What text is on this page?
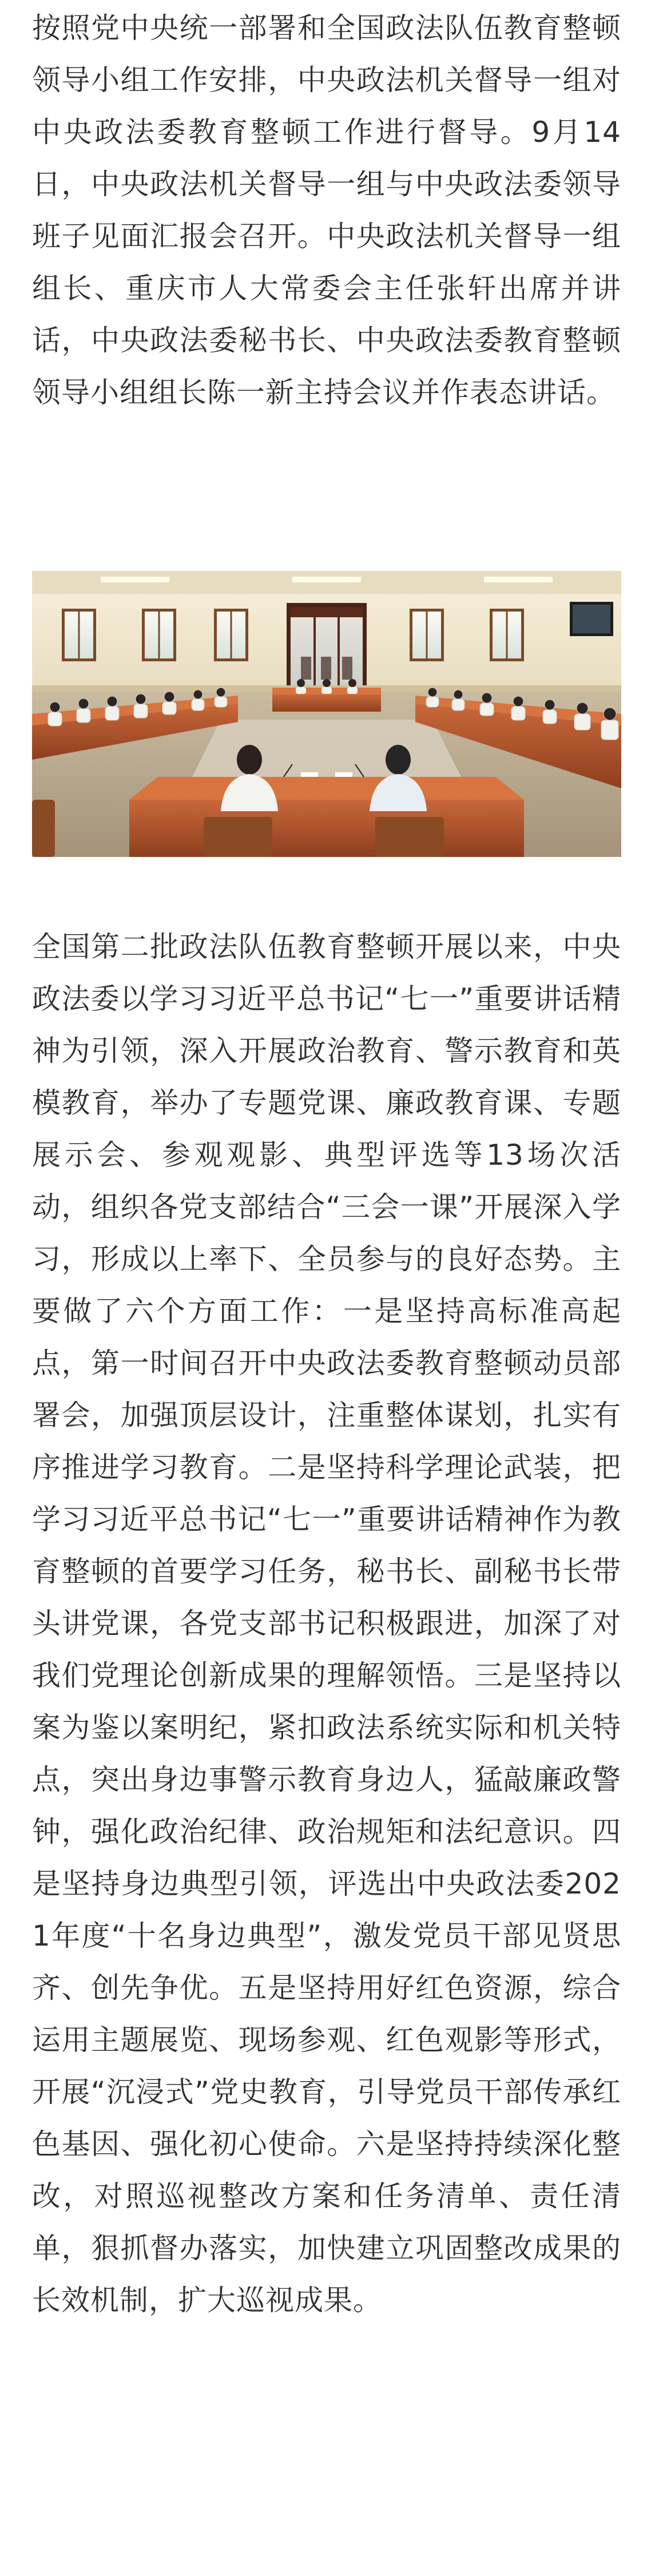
按照党中央统一部署和全国政法队伍教育整顿领导小组工作安排，中央政法机关督导一组对中央政法委教育整顿工作进行督导。9月14日，中央政法机关督导一组与中央政法委领导班子见面汇报会召开。中央政法机关督导一组组长、重庆市人大常委会主任张轩出席并讲话，中央政法委秘书长、中央政法委教育整顿领导小组组长陈一新主持会议并作表态讲话。

全国第二批政法队伍教育整顿开展以来，中央政法委以学习习近平总书记“七一”重要讲话精神为引领，深入开展政治教育、警示教育和英模教育，举办了专题党课、廉政教育课、专题展示会、参观观影、典型评选等13场次活动，组织各党支部结合“三会一课”开展深入学习，形成以上率下、全员参与的良好态势。主要做了六个方面工作：一是坚持高标准高起点，第一时间召开中央政法委教育整顿动员部署会，加强顶层设计，注重整体谋划，扎实有序推进学习教育。二是坚持科学理论武装，把学习习近平总书记“七一”重要讲话精神作为教育整顿的首要学习任务，秘书长、副秘书长带头讲党课，各党支部书记积极跟进，加深了对我们党理论创新成果的理解领悟。三是坚持以案为鉴以案明纪，紧扣政法系统实际和机关特点，突出身边事警示教育身边人，猛敲廉政警钟，强化政治纪律、政治规矩和法纪意识。四是坚持身边典型引领，评选出中央政法委2021年度“十名身边典型”，激发党员干部见贤思齐、创先争优。五是坚持用好红色资源，综合运用主题展览、现场参观、红色观影等形式，开展“沉浸式”党史教育，引导党员干部传承红色基因、强化初心使命。六是坚持持续深化整改，对照巡视整改方案和任务清单、责任清单，狠抓督办落实，加快建立巩固整改成果的长效机制，扩大巡视成果。
